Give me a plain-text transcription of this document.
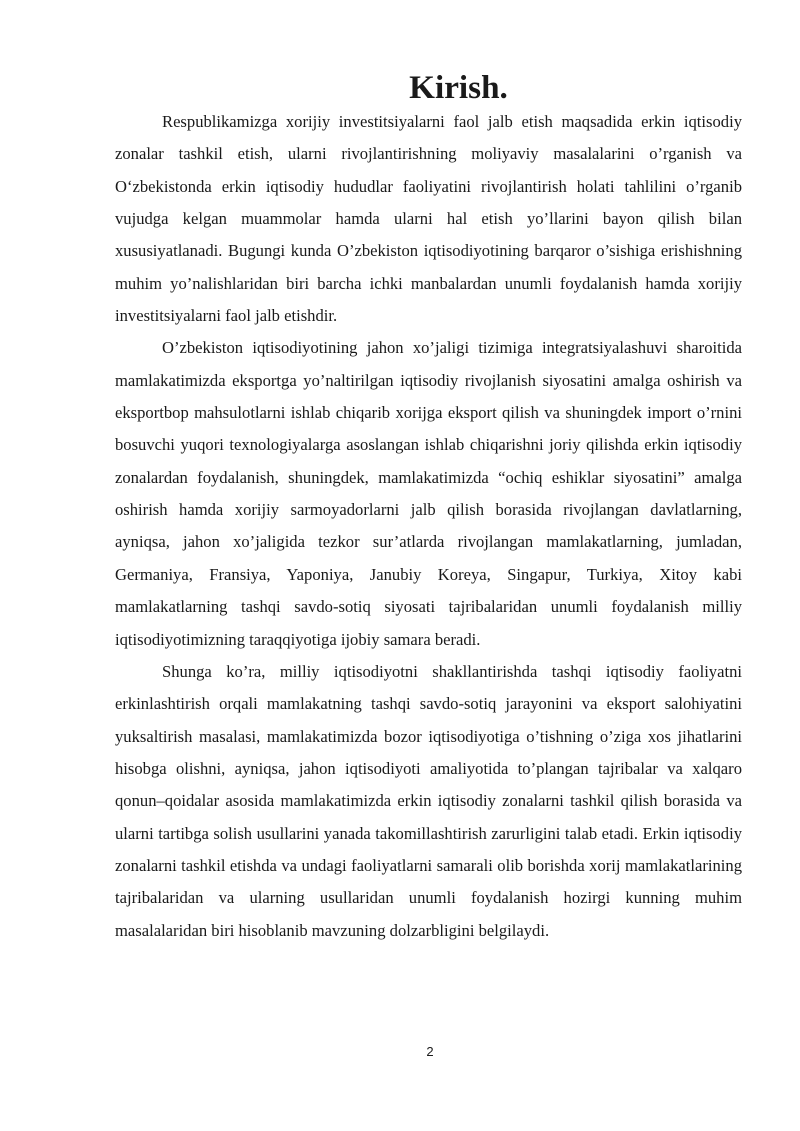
Kirish.

Respublikamizga xorijiy investitsiyalarni faol jalb etish maqsadida erkin iqtisodiy zonalar tashkil etish, ularni rivojlantirishning moliyaviy masalalarini o’rganish va O‘zbekistonda erkin iqtisodiy hududlar faoliyatini rivojlantirish holati tahlilini o’rganib vujudga kelgan muammolar hamda ularni hal etish yo’llarini bayon qilish bilan xususiyatlanadi. Bugungi kunda O’zbekiston iqtisodiyotining barqaror o’sishiga erishishning muhim yo’nalishlaridan biri barcha ichki manbalardan unumli foydalanish hamda xorijiy investitsiyalarni faol jalb etishdir.

O’zbekiston iqtisodiyotining jahon xo’jaligi tizimiga integratsiyalashuvi sharoitida mamlakatimizda eksportga yo’naltirilgan iqtisodiy rivojlanish siyosatini amalga oshirish va eksportbop mahsulotlarni ishlab chiqarib xorijga eksport qilish va shuningdek import o’rnini bosuvchi yuqori texnologiyalarga asoslangan ishlab chiqarishni joriy qilishda erkin iqtisodiy zonalardan foydalanish, shuningdek, mamlakatimizda “ochiq eshiklar siyosatini” amalga oshirish hamda xorijiy sarmoyadorlarni jalb qilish borasida rivojlangan davlatlarning, ayniqsa, jahon xo’jaligida tezkor sur’atlarda rivojlangan mamlakatlarning, jumladan, Germaniya, Fransiya, Yaponiya, Janubiy Koreya, Singapur, Turkiya, Xitoy kabi mamlakatlarning tashqi savdo-sotiq siyosati tajribalaridan unumli foydalanish milliy iqtisodiyotimizning taraqqiyotiga ijobiy samara beradi.

Shunga ko’ra, milliy iqtisodiyotni shakllantirishda tashqi iqtisodiy faoliyatni erkinlashtirish orqali mamlakatning tashqi savdo-sotiq jarayonini va eksport salohiyatini yuksaltirish masalasi, mamlakatimizda bozor iqtisodiyotiga o’tishning o’ziga xos jihatlarini hisobga olishni, ayniqsa, jahon iqtisodiyoti amaliyotida to’plangan tajribalar va xalqaro qonun–qoidalar asosida mamlakatimizda erkin iqtisodiy zonalarni tashkil qilish borasida va ularni tartibga solish usullarini yanada takomillashtirish zarurligini talab etadi. Erkin iqtisodiy zonalarni tashkil etishda va undagi faoliyatlarni samarali olib borishda xorij mamlakatlarining tajribalaridan va ularning usullaridan unumli foydalanish hozirgi kunning muhim masalalaridan biri hisoblanib mavzuning dolzarbligini belgilaydi.

2
